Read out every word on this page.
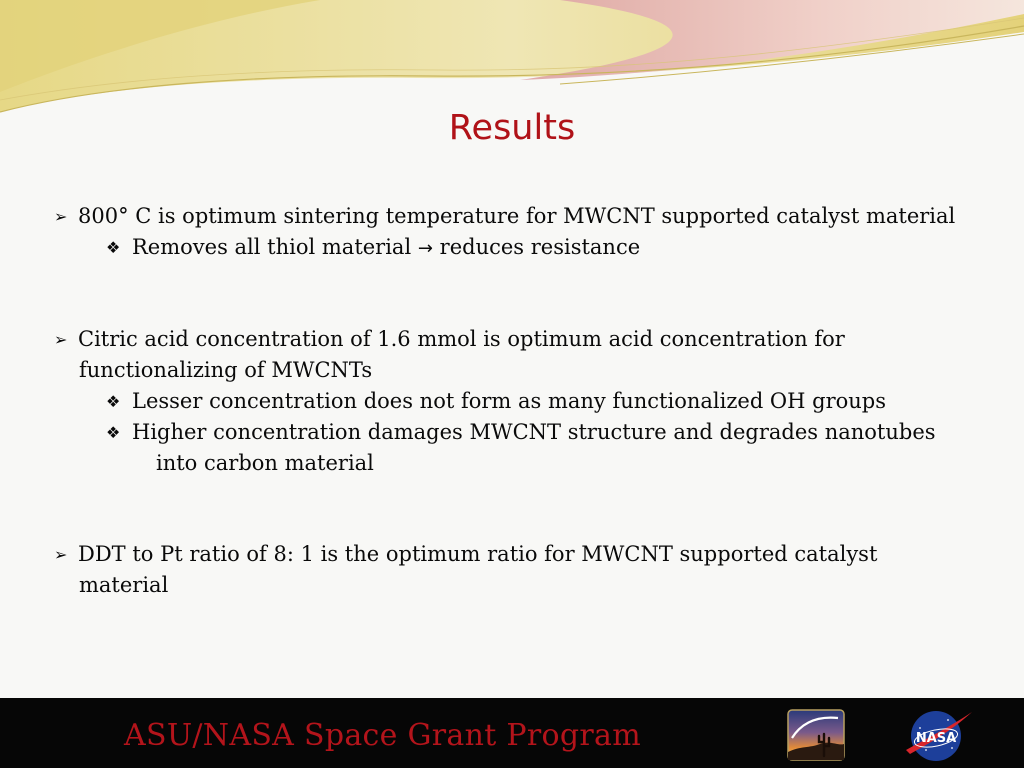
Results
➢ 800° C is optimum sintering temperature for MWCNT supported catalyst material
❖ Removes all thiol material → reduces resistance
➢ Citric acid concentration of 1.6 mmol is optimum acid concentration for
functionalizing of MWCNTs
❖ Lesser concentration does not form as many functionalized OH groups
❖ Higher concentration damages MWCNT structure and degrades nanotubes
into carbon material
➢ DDT to Pt ratio of 8: 1 is the optimum ratio for MWCNT supported catalyst
material
ASU/NASA Space Grant Program	NASA
